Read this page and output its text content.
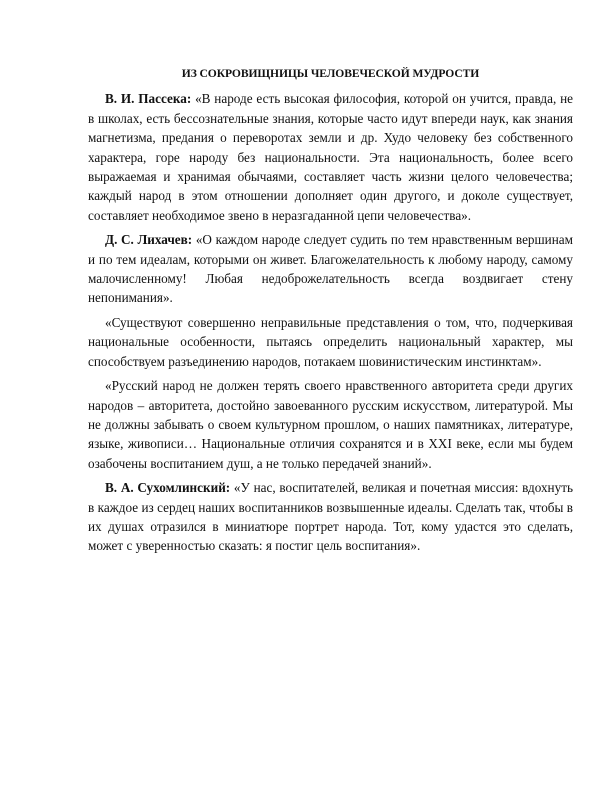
ИЗ СОКРОВИЩНИЦЫ ЧЕЛОВЕЧЕСКОЙ МУДРОСТИ

В. И. Пассека: «В народе есть высокая философия, которой он учится, правда, не в школах, есть бессознательные знания, которые часто идут впереди наук, как знания магнетизма, предания о переворотах земли и др. Худо человеку без собственного характера, горе народу без национальности. Эта национальность, более всего выражаемая и хранимая обычаями, составляет часть жизни целого человечества; каждый народ в этом отношении дополняет один другого, и доколе существует, составляет необходимое звено в неразгаданной цепи человечества».

Д. С. Лихачев: «О каждом народе следует судить по тем нравственным вершинам и по тем идеалам, которыми он живет. Благожелательность к любому народу, самому малочисленному! Любая недоброжелательность всегда воздвигает стену непонимания».

«Существуют совершенно неправильные представления о том, что, подчеркивая национальные особенности, пытаясь определить национальный характер, мы способствуем разъединению народов, потакаем шовинистическим инстинктам».

«Русский народ не должен терять своего нравственного авторитета среди других народов – авторитета, достойно завоеванного русским искусством, литературой. Мы не должны забывать о своем культурном прошлом, о наших памятниках, литературе, языке, живописи… Национальные отличия сохранятся и в XXI веке, если мы будем озабочены воспитанием душ, а не только передачей знаний».

В. А. Сухомлинский: «У нас, воспитателей, великая и почетная миссия: вдохнуть в каждое из сердец наших воспитанников возвышенные идеалы. Сделать так, чтобы в их душах отразился в миниатюре портрет народа. Тот, кому удастся это сделать, может с уверенностью сказать: я постиг цель воспитания».
